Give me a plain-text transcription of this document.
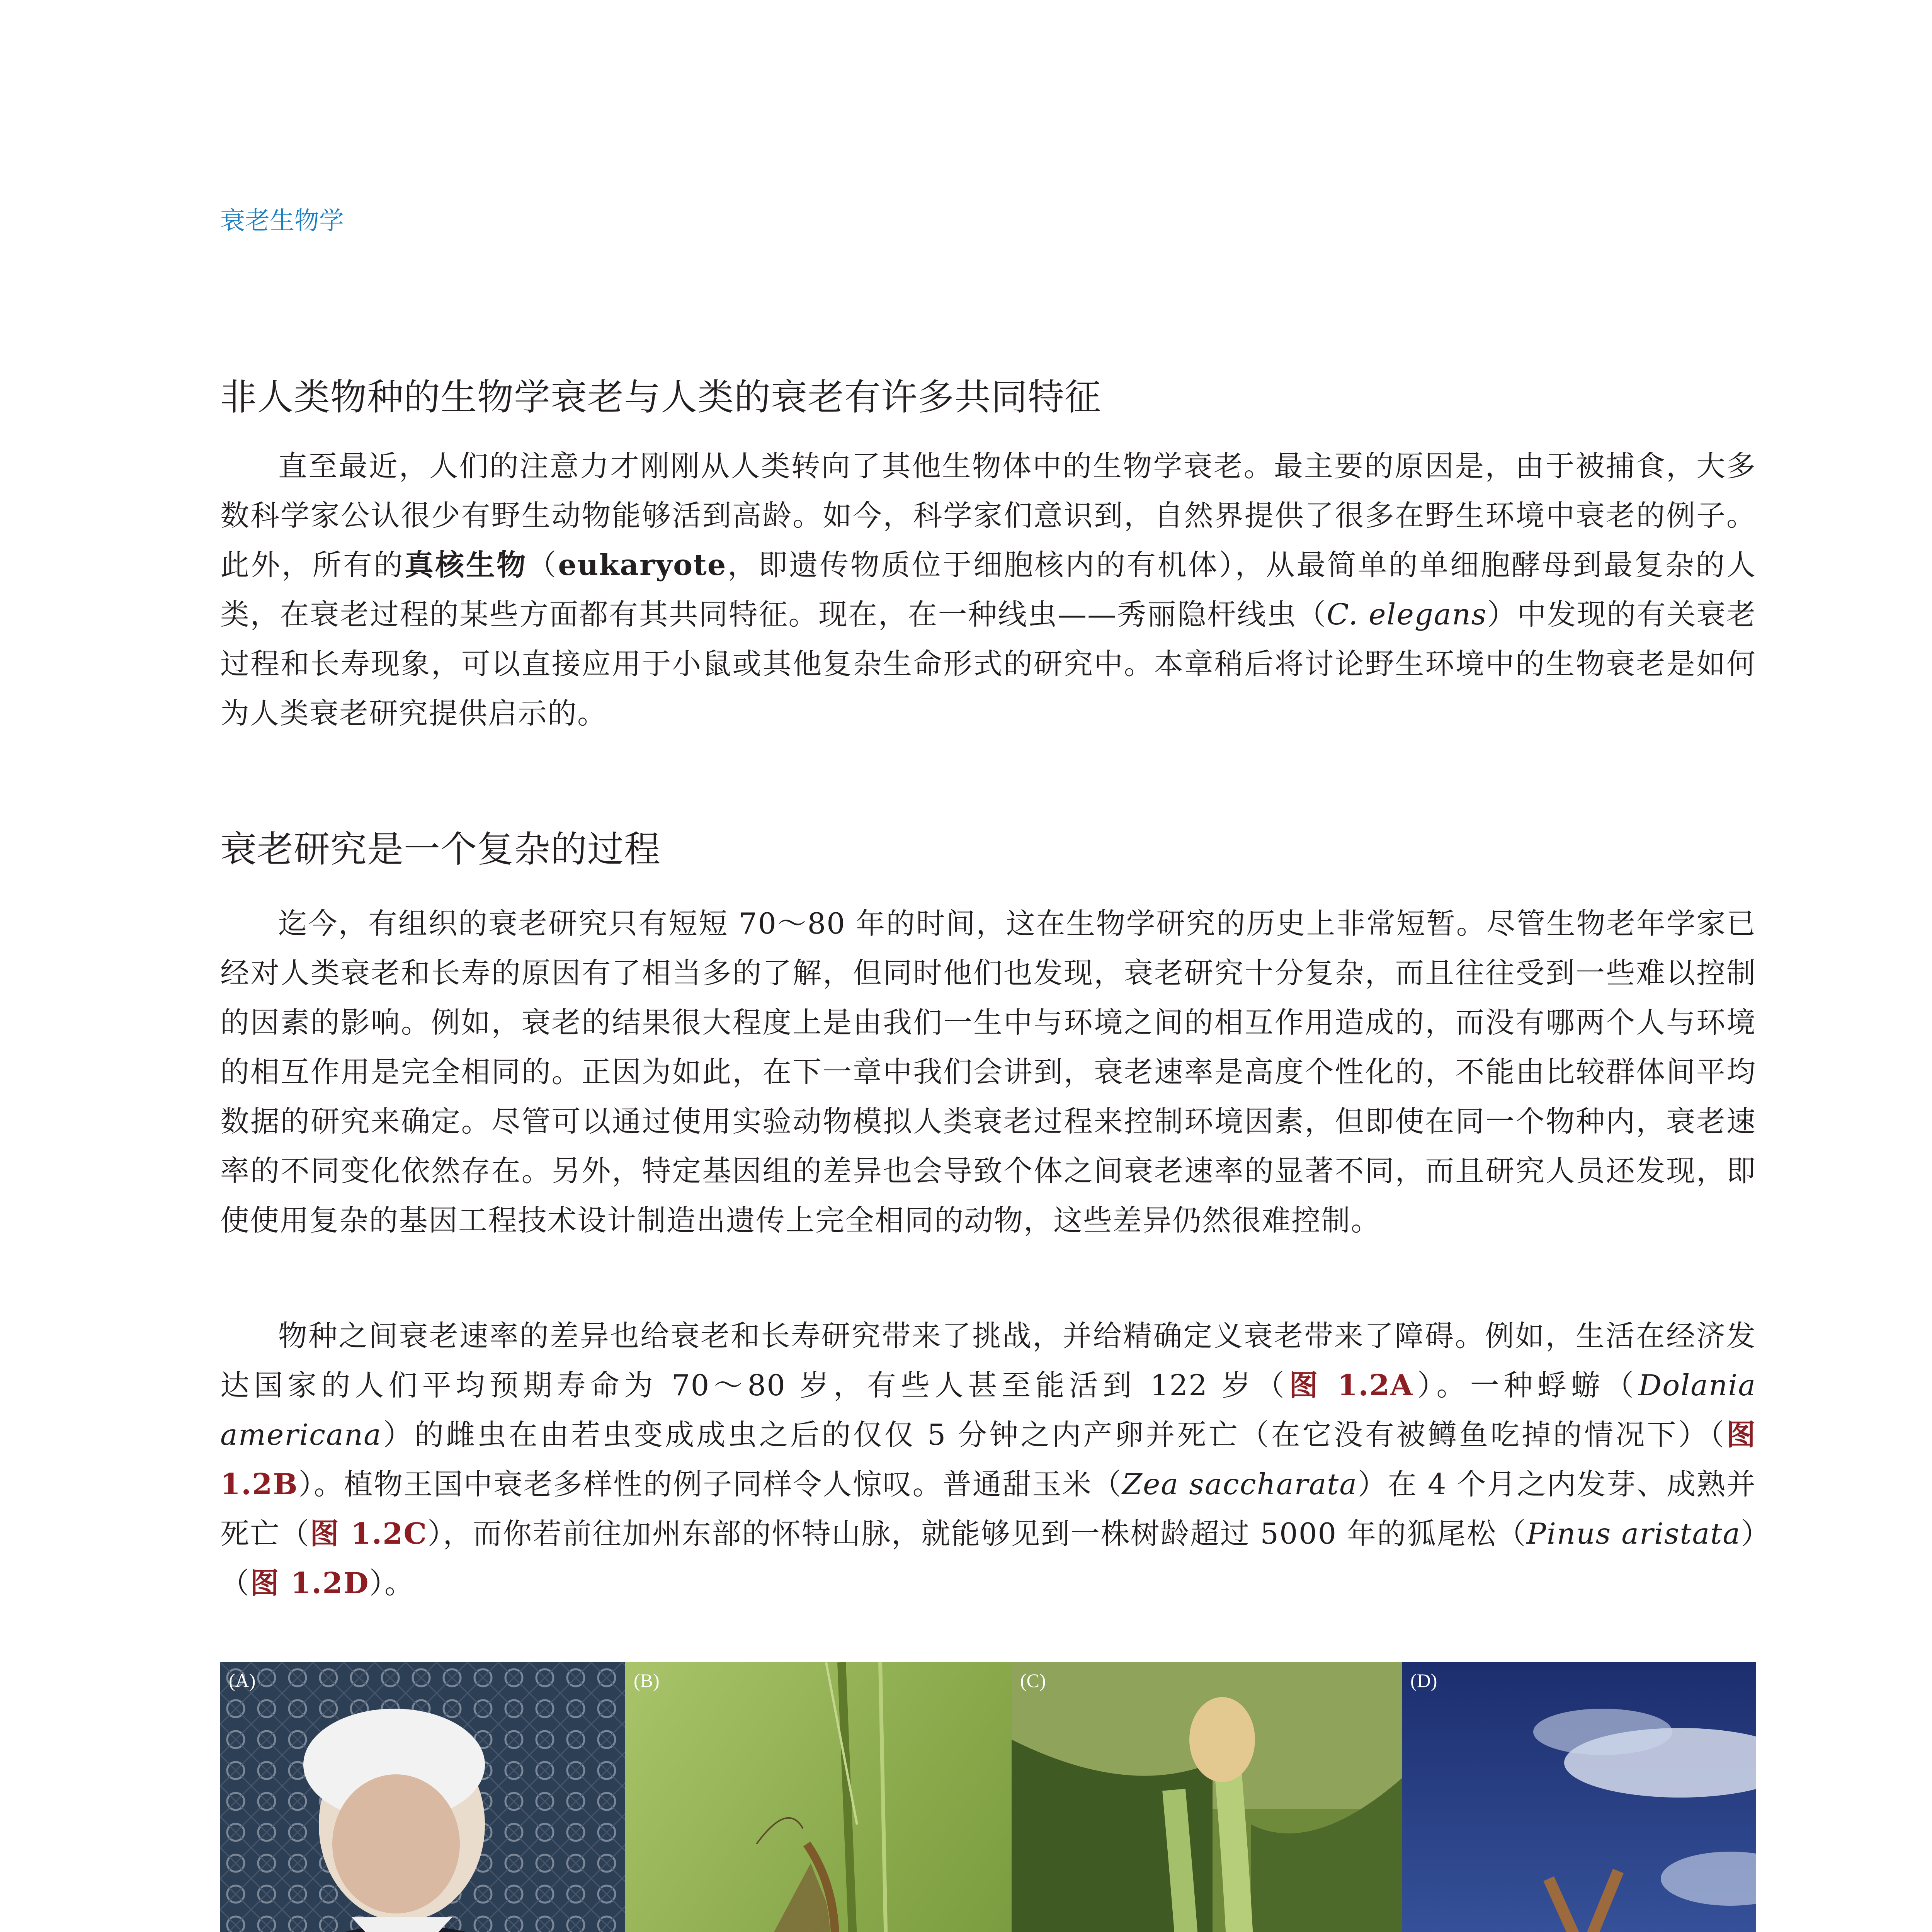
衰老生物学
非人类物种的生物学衰老与人类的衰老有许多共同特征

直至最近，人们的注意力才刚刚从人类转向了其他生物体中的生物学衰老。最主要的原因是，由于被捕食，大多数科学家公认很少有野生动物能够活到高龄。如今，科学家们意识到，自然界提供了很多在野生环境中衰老的例子。此外，所有的真核生物（eukaryote，即遗传物质位于细胞核内的有机体），从最简单的单细胞酵母到最复杂的人类，在衰老过程的某些方面都有其共同特征。现在，在一种线虫——秀丽隐杆线虫（C. elegans）中发现的有关衰老过程和长寿现象，可以直接应用于小鼠或其他复杂生命形式的研究中。本章稍后将讨论野生环境中的生物衰老是如何为人类衰老研究提供启示的。

衰老研究是一个复杂的过程

迄今，有组织的衰老研究只有短短 70～80 年的时间，这在生物学研究的历史上非常短暂。尽管生物老年学家已经对人类衰老和长寿的原因有了相当多的了解，但同时他们也发现，衰老研究十分复杂，而且往往受到一些难以控制的因素的影响。例如，衰老的结果很大程度上是由我们一生中与环境之间的相互作用造成的，而没有哪两个人与环境的相互作用是完全相同的。正因为如此，在下一章中我们会讲到，衰老速率是高度个性化的，不能由比较群体间平均数据的研究来确定。尽管可以通过使用实验动物模拟人类衰老过程来控制环境因素，但即使在同一个物种内，衰老速率的不同变化依然存在。另外，特定基因组的差异也会导致个体之间衰老速率的显著不同，而且研究人员还发现，即使使用复杂的基因工程技术设计制造出遗传上完全相同的动物，这些差异仍然很难控制。

物种之间衰老速率的差异也给衰老和长寿研究带来了挑战，并给精确定义衰老带来了障碍。例如，生活在经济发达国家的人们平均预期寿命为 70～80 岁，有些人甚至能活到 122 岁（图 1.2A）。一种蜉蝣（Dolania americana）的雌虫在由若虫变成成虫之后的仅仅 5 分钟之内产卵并死亡（在它没有被鳟鱼吃掉的情况下）（图 1.2B）。植物王国中衰老多样性的例子同样令人惊叹。普通甜玉米（Zea saccharata）在 4 个月之内发芽、成熟并死亡（图 1.2C），而你若前往加州东部的怀特山脉，就能够见到一株树龄超过 5000 年的狐尾松（Pinus aristata）（图 1.2D）。

(A)	(B)	(C)	(D)
